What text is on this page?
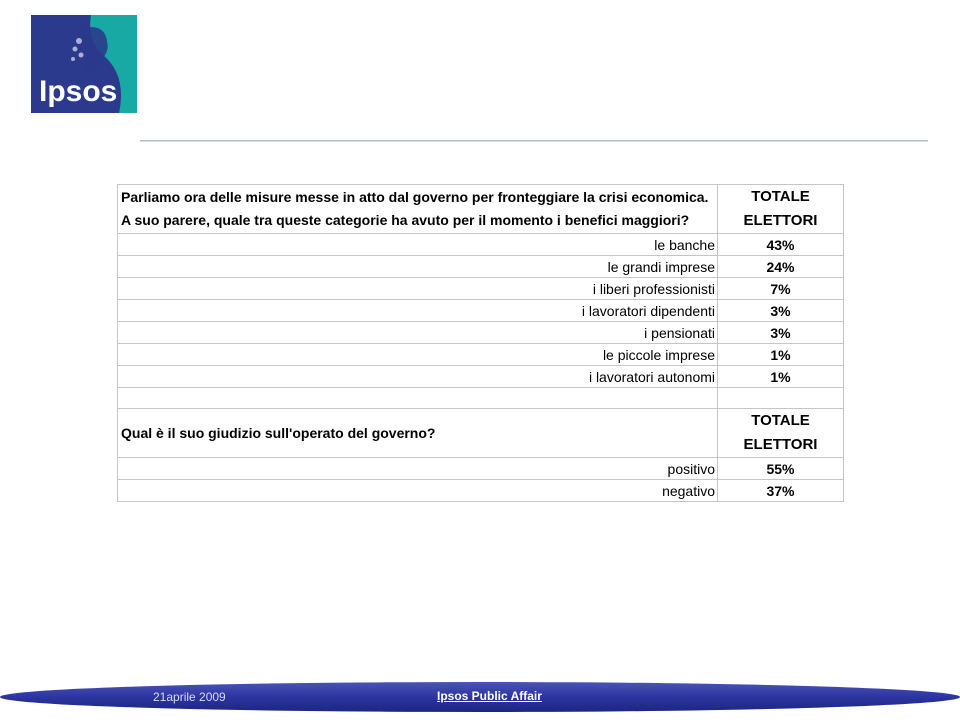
Ipsos
Parliamo ora delle misure messe in atto dal governo per fronteggiare la crisi economica. A suo parere, quale tra queste categorie ha avuto per il momento i benefici maggiori?	TOTALE ELETTORI
le banche	43%
le grandi imprese	24%
i liberi professionisti	7%
i lavoratori dipendenti	3%
i pensionati	3%
le piccole imprese	1%
i lavoratori autonomi	1%

Qual è il suo giudizio sull'operato del governo?	TOTALE ELETTORI
positivo	55%
negativo	37%
21aprile 2009	Ipsos Public Affair
